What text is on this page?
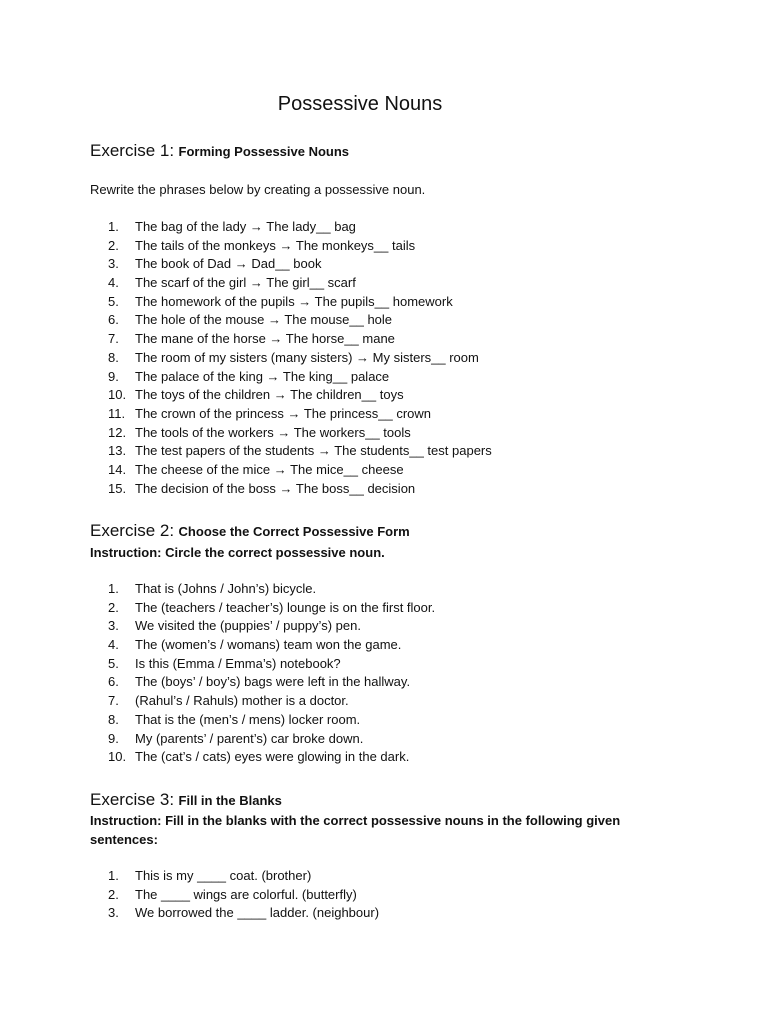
Possessive Nouns
Exercise 1: Forming Possessive Nouns

Rewrite the phrases below by creating a possessive noun.

1.	The bag of the lady → The lady__ bag
2.	The tails of the monkeys → The monkeys__ tails
3.	The book of Dad → Dad__ book
4.	The scarf of the girl → The girl__ scarf
5.	The homework of the pupils → The pupils__ homework
6.	The hole of the mouse → The mouse__ hole
7.	The mane of the horse → The horse__ mane
8.	The room of my sisters (many sisters) → My sisters__ room
9.	The palace of the king → The king__ palace
10. The toys of the children → The children__ toys
11. The crown of the princess → The princess__ crown
12. The tools of the workers → The workers__ tools
13. The test papers of the students → The students__ test papers
14. The cheese of the mice → The mice__ cheese
15. The decision of the boss → The boss__ decision
Exercise 2: Choose the Correct Possessive Form

Instruction: Circle the correct possessive noun.

1.	That is (Johns / John’s) bicycle.
2.	The (teachers / teacher’s) lounge is on the first floor.
3.	We visited the (puppies’ / puppy’s) pen.
4.	The (women’s / womans) team won the game.
5.	Is this (Emma / Emma’s) notebook?
6.	The (boys’ / boy’s) bags were left in the hallway.
7.	(Rahul’s / Rahuls) mother is a doctor.
8.	That is the (men’s / mens) locker room.
9.	My (parents’ / parent’s) car broke down.
10. The (cat’s / cats) eyes were glowing in the dark.
Exercise 3: Fill in the Blanks

Instruction: Fill in the blanks with the correct possessive nouns in the following given sentences:

1.	This is my ____ coat. (brother)
2.	The ____ wings are colorful. (butterfly)
3.	We borrowed the ____ ladder. (neighbour)
